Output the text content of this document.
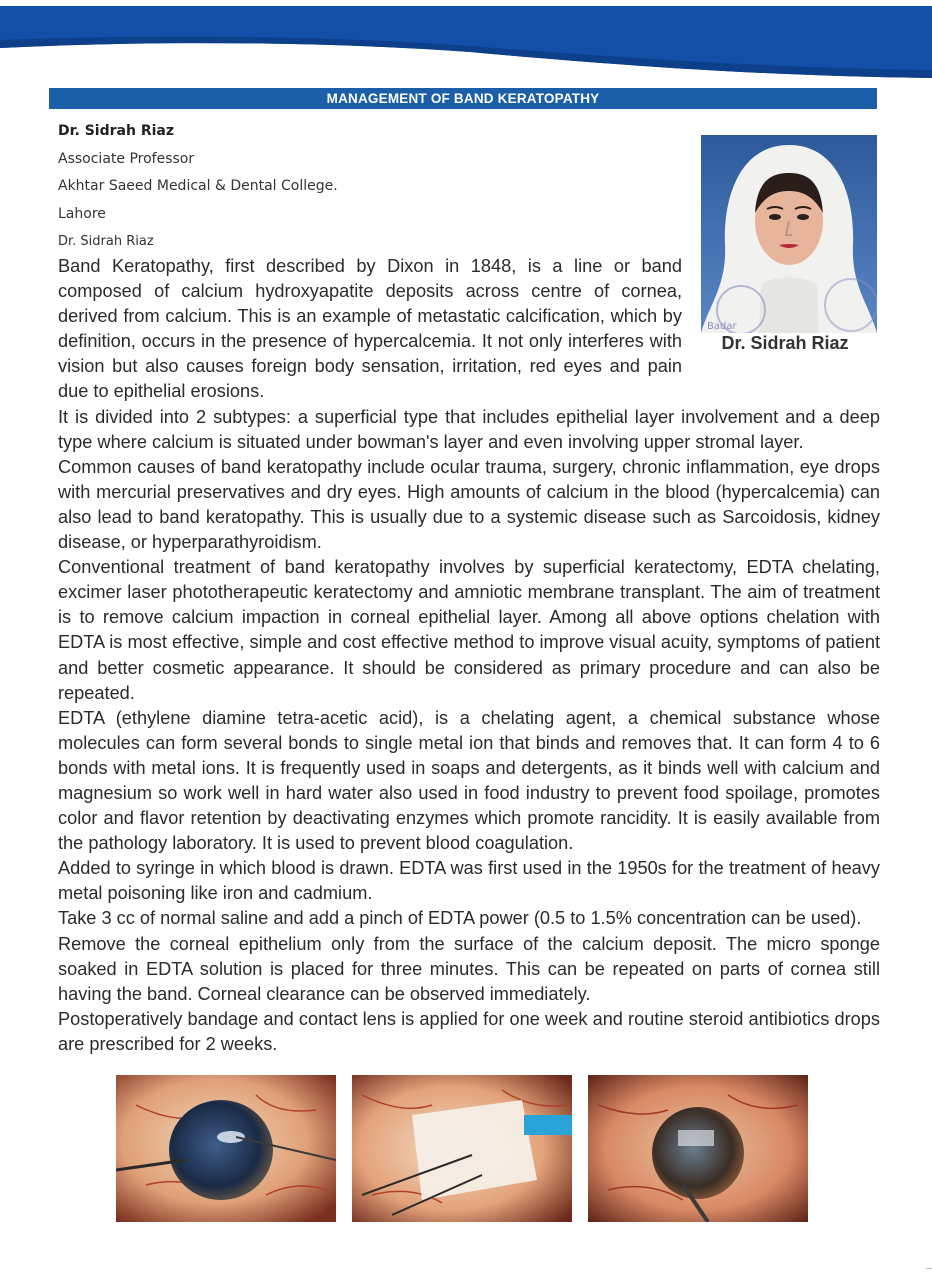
MANAGEMENT OF BAND KERATOPATHY
Dr. Sidrah Riaz
Associate Professor
Akhtar Saeed Medical & Dental College.
Lahore
Dr. Sidrah Riaz
Badar
Dr. Sidrah Riaz

Band Keratopathy, first described by Dixon in 1848, is a line or band composed of calcium hydroxyapatite deposits across centre of cornea, derived from calcium. This is an example of metastatic calcification, which by definition, occurs in the presence of hypercalcemia. It not only interferes with vision but also causes foreign body sensation, irritation, red eyes and pain due to epithelial erosions.

It is divided into 2 subtypes: a superficial type that includes epithelial layer involvement and a deep type where calcium is situated under bowman's layer and even involving upper stromal layer.

Common causes of band keratopathy include ocular trauma, surgery, chronic inflammation, eye drops with mercurial preservatives and dry eyes. High amounts of calcium in the blood (hypercalcemia) can also lead to band keratopathy. This is usually due to a systemic disease such as Sarcoidosis, kidney disease, or hyperparathyroidism.

Conventional treatment of band keratopathy involves by superficial keratectomy, EDTA chelating, excimer laser phototherapeutic keratectomy and amniotic membrane transplant. The aim of treatment is to remove calcium impaction in corneal epithelial layer. Among all above options chelation with EDTA is most effective, simple and cost effective method to improve visual acuity, symptoms of patient and better cosmetic appearance. It should be considered as primary procedure and can also be repeated.

EDTA (ethylene diamine tetra-acetic acid), is a chelating agent, a chemical substance whose molecules can form several bonds to single metal ion that binds and removes that. It can form 4 to 6 bonds with metal ions. It is frequently used in soaps and detergents, as it binds well with calcium and magnesium so work well in hard water also used in food industry to prevent food spoilage, promotes color and flavor retention by deactivating enzymes which promote rancidity. It is easily available from the pathology laboratory. It is used to prevent blood coagulation.

Added to syringe in which blood is drawn. EDTA was first used in the 1950s for the treatment of heavy metal poisoning like iron and cadmium.

Take 3 cc of normal saline and add a pinch of EDTA power (0.5 to 1.5% concentration can be used).

Remove the corneal epithelium only from the surface of the calcium deposit. The micro sponge soaked in EDTA solution is placed for three minutes. This can be repeated on parts of cornea still having the band. Corneal clearance can be observed immediately.

Postoperatively bandage and contact lens is applied for one week and routine steroid antibiotics drops are prescribed for 2 weeks.
